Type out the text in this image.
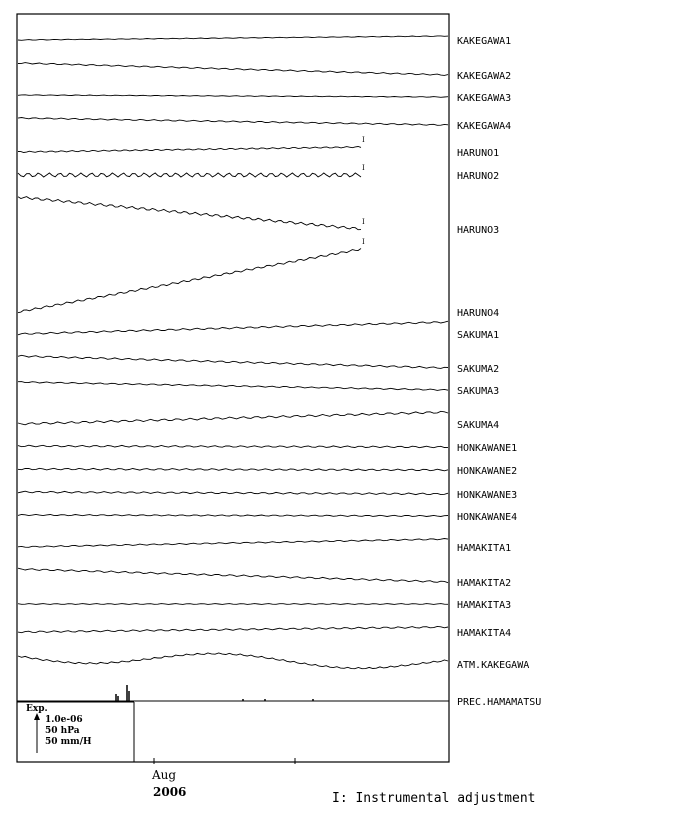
Exp.
1.0e-06
50 hPa
50 mm/H
Aug
2006	I: Instrumental adjustment
KAKEGAWA1
KAKEGAWA2
KAKEGAWA3
KAKEGAWA4
I
HARUNO1
I
HARUNO2
I
HARUNO3
I
HARUNO4
SAKUMA1
SAKUMA2
SAKUMA3
SAKUMA4
HONKAWANE1
HONKAWANE2
HONKAWANE3
HONKAWANE4
HAMAKITA1
HAMAKITA2
HAMAKITA3
HAMAKITA4
ATM.KAKEGAWA
PREC.HAMAMATSU
